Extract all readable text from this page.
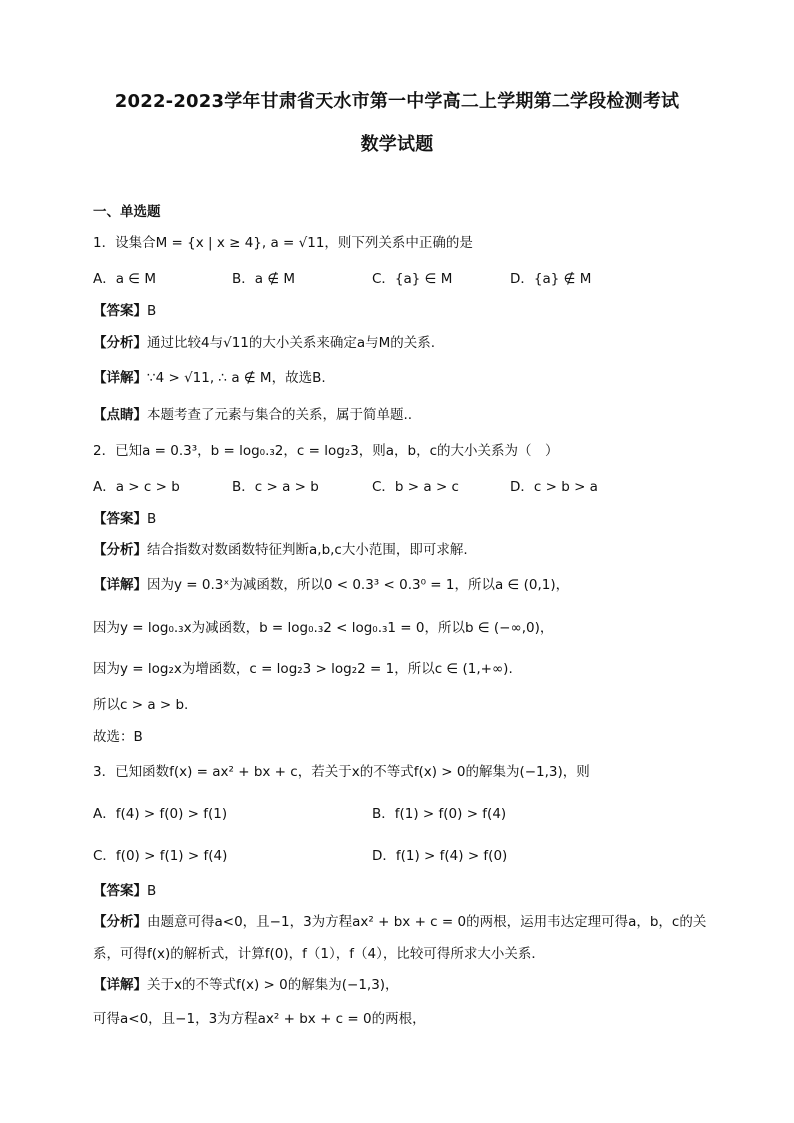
2022-2023学年甘肃省天水市第一中学高二上学期第二学段检测考试
数学试题
一、单选题
1．设集合M = {x | x ≥ 4}, a = √11，则下列关系中正确的是
A．a ∈ M	B．a ∉ M	C．{a} ∈ M	D．{a} ∉ M
【答案】B
【分析】通过比较4与√11的大小关系来确定a与M的关系.
【详解】∵4 > √11, ∴ a ∉ M，故选B.
【点睛】本题考查了元素与集合的关系，属于简单题..
2．已知a = 0.3³，b = log₀.₃2，c = log₂3，则a，b，c的大小关系为（　）
A．a > c > b	B．c > a > b	C．b > a > c	D．c > b > a
【答案】B
【分析】结合指数对数函数特征判断a,b,c大小范围，即可求解.
【详解】因为y = 0.3ˣ为减函数，所以0 < 0.3³ < 0.3⁰ = 1，所以a ∈ (0,1)，
因为y = log₀.₃x为减函数，b = log₀.₃2 < log₀.₃1 = 0，所以b ∈ (−∞,0)，
因为y = log₂x为增函数，c = log₂3 > log₂2 = 1，所以c ∈ (1,+∞).
所以c > a > b.
故选：B
3．已知函数f(x) = ax² + bx + c，若关于x的不等式f(x) > 0的解集为(−1,3)，则
A．f(4) > f(0) > f(1)	B．f(1) > f(0) > f(4)
C．f(0) > f(1) > f(4)	D．f(1) > f(4) > f(0)
【答案】B
【分析】由题意可得a<0，且−1，3为方程ax² + bx + c = 0的两根，运用韦达定理可得a，b，c的关
系，可得f(x)的解析式，计算f(0)，f（1），f（4），比较可得所求大小关系．
【详解】关于x的不等式f(x) > 0的解集为(−1,3)，
可得a<0，且−1，3为方程ax² + bx + c = 0的两根，
